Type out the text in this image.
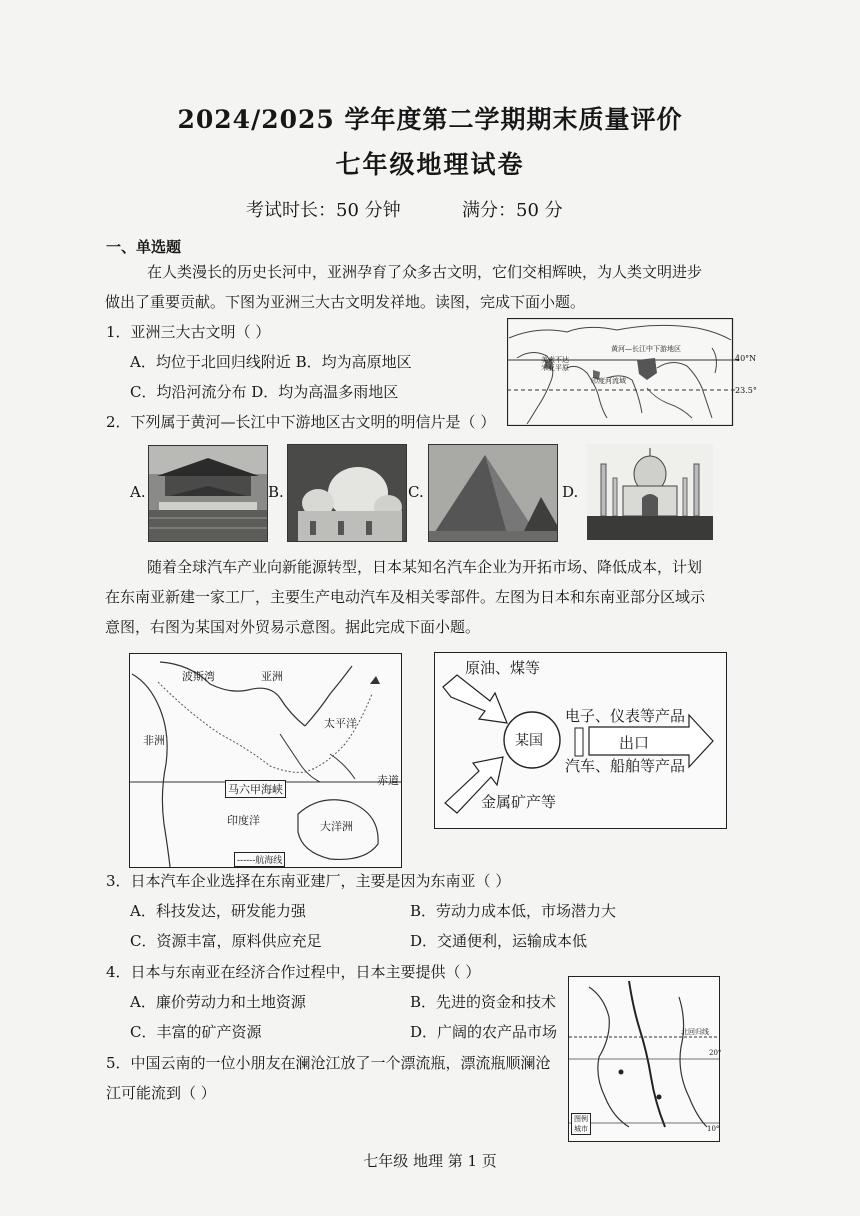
2024/2025 学年度第二学期期末质量评价
七年级地理试卷
考试时长：50 分钟	满分：50 分
一、单选题
在人类漫长的历史长河中，亚洲孕育了众多古文明，它们交相辉映，为人类文明进步
做出了重要贡献。下图为亚洲三大古文明发祥地。读图，完成下面小题。
1．亚洲三大古文明（ ）
A．均位于北回归线附近 B．均为高原地区
C．均沿河流分布 D．均为高温多雨地区
黄河—长江中下游地区
美索不达米亚平原
印度河流域
40°N
23.5°
2．下列属于黄河—长江中下游地区古文明的明信片是（ ）
A.	B.	C.	D.
随着全球汽车产业向新能源转型，日本某知名汽车企业为开拓市场、降低成本，计划
在东南亚新建一家工厂，主要生产电动汽车及相关零部件。左图为日本和东南亚部分区域示
意图，右图为某国对外贸易示意图。据此完成下面小题。
波斯湾	亚洲
太平洋
非洲
赤道
马六甲海峡
印度洋	大洋洲
------航海线
原油、煤等
某国
金属矿产等
电子、仪表等产品
出口
汽车、船舶等产品
3．日本汽车企业选择在东南亚建厂，主要是因为东南亚（ ）
A．科技发达，研发能力强	B．劳动力成本低，市场潜力大
C．资源丰富，原料供应充足	D．交通便利，运输成本低
4．日本与东南亚在经济合作过程中，日本主要提供（ ）
A．廉价劳动力和土地资源	B．先进的资金和技术
C．丰富的矿产资源	D．广阔的农产品市场
5．中国云南的一位小朋友在澜沧江放了一个漂流瓶，漂流瓶顺澜沧
江可能流到（ ）
北回归线
20°
10°
图例
城市
七年级 地理 第 1 页
